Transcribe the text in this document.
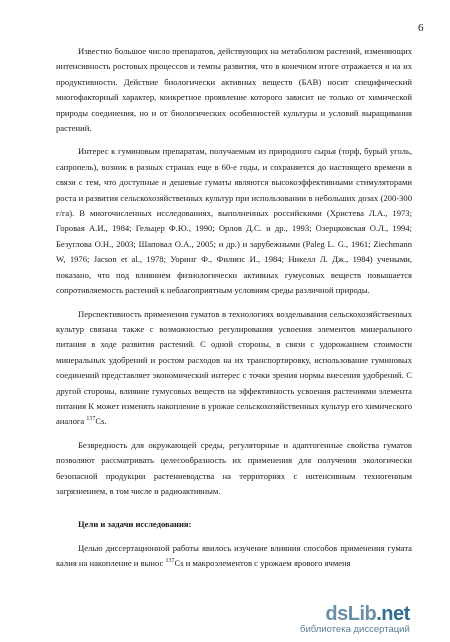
6

Известно большое число препаратов, действующих на метаболизм растений, изменяющих интенсивность ростовых процессов и темпы развития, что в конечном итоге отражается и на их продуктивности. Действие биологически активных веществ (БАВ) носит специфический многофакторный характер, конкретное проявление которого зависит не только от химической природы соединения, но и от биологических особенностей культуры и условий выращивания растений.

Интерес к гуминовым препаратам, получаемым из природного сырья (торф, бурый уголь, сапропель), возник в разных странах еще в 60-е годы, и сохраняется до настоящего времени в связи с тем, что доступные и дешевые гуматы являются высокоэффективными стимуляторами роста и развития сельскохозяйственных культур при использовании в небольших дозах (200-300 г/га). В многочисленных исследованиях, выполненных российскими (Христева Л.А., 1973; Горовая А.И., 1984; Гельцер Ф.Ю., 1990; Орлов Д.С. и др., 1993; Озерцковская О.Л., 1994; Безуглова О.Н., 2003; Шаповал О.А., 2005; и др.) и зарубежными (Paleg L. G., 1961; Ziechmann W, 1976; Jacson et al., 1978; Уоринг Ф., Филипс И., 1984; Никелл Л. Дж., 1984) учеными, показано, что под влиянием физиологически активных гумусовых веществ повышается сопротивляемость растений к неблагоприятным условиям среды различной природы.

Перспективность применения гуматов в технологиях возделывания сельскохозяйственных культур связана также с возможностью регулирования усвоения элементов минерального питания в ходе развития растений. С одной стороны, в связи с удорожанием стоимости минеральных удобрений и ростом расходов на их транспортировку, использование гуминовых соединений представляет экономический интерес с точки зрения нормы внесения удобрений. С другой стороны, влияние гумусовых веществ на эффективность усвоения растениями элемента питания К может изменять накопление в урожае сельскохозяйственных культур его химического аналога $^{137}$Cs.

Безвредность для окружающей среды, регуляторные и адаптогенные свойства гуматов позволяют рассматривать целесообразность их применения для получения экологически безопасной продукции растениеводства на территориях с интенсивным техногенным загрязнением, в том числе и радиоактивным.

Цели и задачи исследования:

Целью диссертационной работы явилось изучение влияния способов применения гумата калия на накопление и вынос $^{137}$Cs и макроэлементов с урожаем ярового ячменя

dsLib.net
библиотека диссертаций
